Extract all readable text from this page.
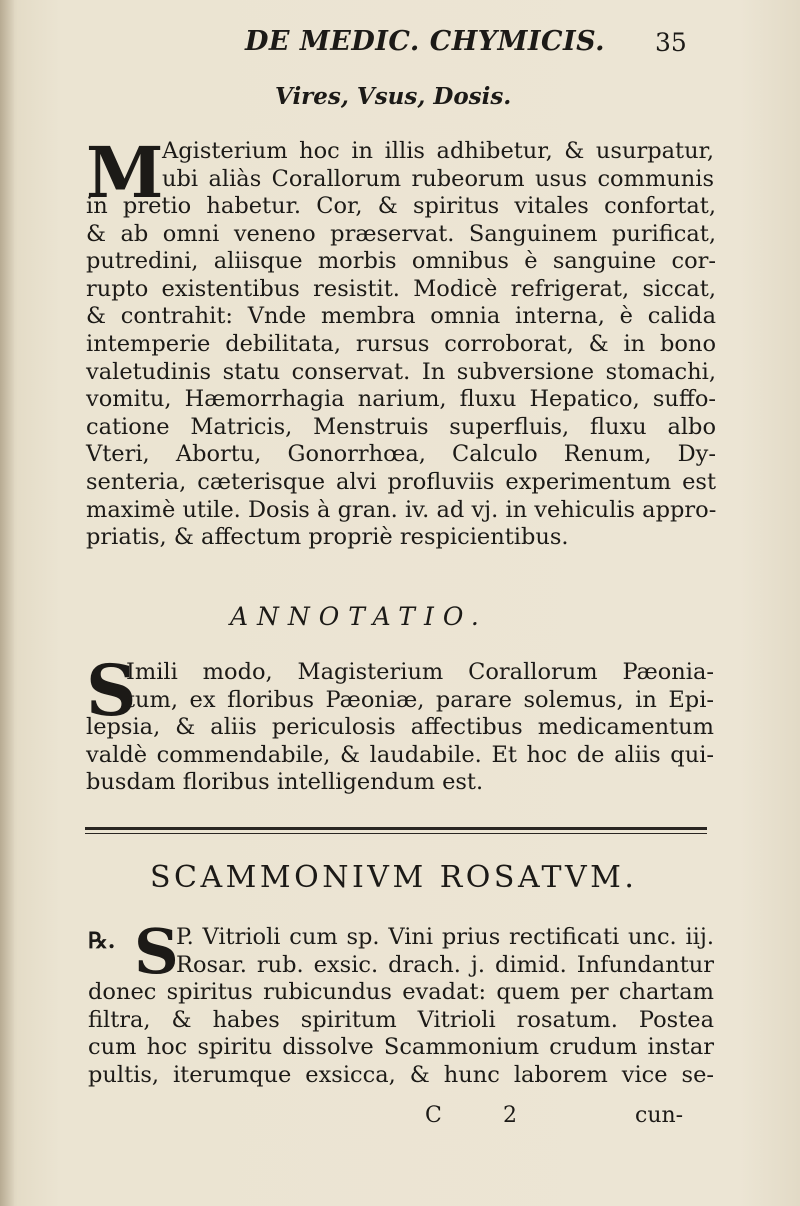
DE MEDIC. CHYMICIS. 35
Vires, Vsus, Dosis.
M
Agisterium hoc in illis adhibetur, & usurpatur,
ubi aliàs Corallorum rubeorum usus communis
in pretio habetur. Cor, & spiritus vitales confortat,
& ab omni veneno præservat. Sanguinem purificat,
putredini, aliisque morbis omnibus è sanguine cor-
rupto existentibus resistit. Modicè refrigerat, siccat,
& contrahit: Vnde membra omnia interna, è calida
intemperie debilitata, rursus corroborat, & in bono
valetudinis statu conservat. In subversione stomachi,
vomitu, Hæmorrhagia narium, fluxu Hepatico, suffo-
catione Matricis, Menstruis superfluis, fluxu albo
Vteri, Abortu, Gonorrhœa, Calculo Renum, Dy-
senteria, cæterisque alvi profluviis experimentum est
maximè utile. Dosis à gran. iv. ad vj. in vehiculis appro-
priatis, & affectum propriè respicientibus.
ANNOTATIO.
S
Imili modo, Magisterium Corallorum Pæonia-
tum, ex floribus Pæoniæ, parare solemus, in Epi-
lepsia, & aliis periculosis affectibus medicamentum
valdè commendabile, & laudabile. Et hoc de aliis qui-
busdam floribus intelligendum est.
SCAMMONIVM ROSATVM.
℞. S
P. Vitrioli cum sp. Vini prius rectificati unc. iij.
Rosar. rub. exsic. drach. j. dimid. Infundantur
donec spiritus rubicundus evadat: quem per chartam
filtra, & habes spiritum Vitrioli rosatum. Postea
cum hoc spiritu dissolve Scammonium crudum instar
pultis, iterumque exsicca, & hunc laborem vice se-
C	2	cun-
